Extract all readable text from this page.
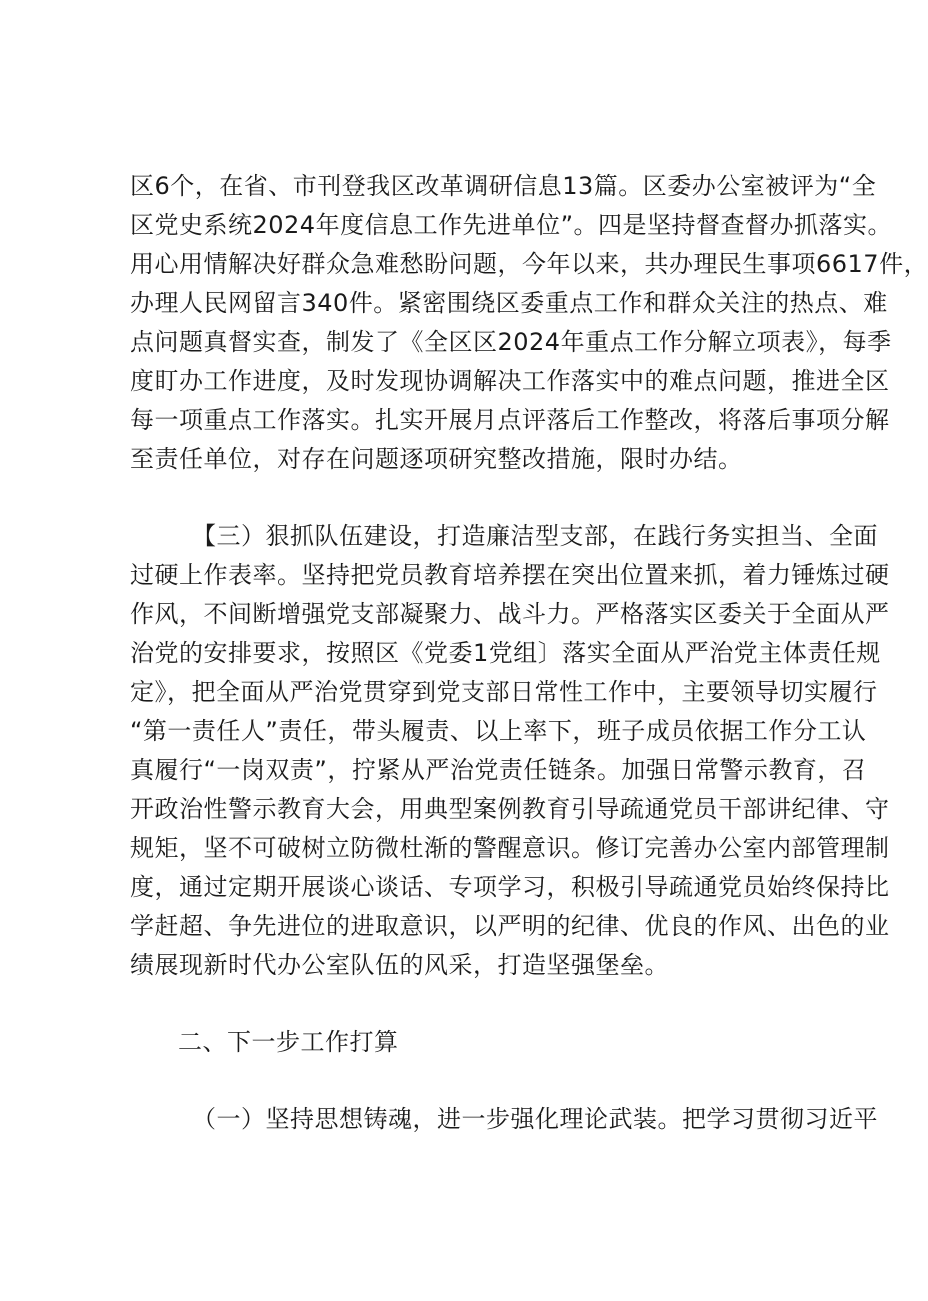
区6个，在省、市刊登我区改革调研信息13篇。区委办公室被评为“全
区党史系统2024年度信息工作先进单位”。四是坚持督查督办抓落实。
用心用情解决好群众急难愁盼问题，今年以来，共办理民生事项6617件，
办理人民网留言340件。紧密围绕区委重点工作和群众关注的热点、难
点问题真督实查，制发了《全区区2024年重点工作分解立项表》，每季
度盯办工作进度，及时发现协调解决工作落实中的难点问题，推进全区
每一项重点工作落实。扎实开展月点评落后工作整改，将落后事项分解
至责任单位，对存在问题逐项研究整改措施，限时办结。
【三）狠抓队伍建设，打造廉洁型支部，在践行务实担当、全面
过硬上作表率。坚持把党员教育培养摆在突出位置来抓，着力锤炼过硬
作风，不间断增强党支部凝聚力、战斗力。严格落实区委关于全面从严
治党的安排要求，按照区《党委1党组〕落实全面从严治党主体责任规
定》，把全面从严治党贯穿到党支部日常性工作中，主要领导切实履行
“第一责任人”责任，带头履责、以上率下，班子成员依据工作分工认
真履行“一岗双责”，拧紧从严治党责任链条。加强日常警示教育，召
开政治性警示教育大会，用典型案例教育引导疏通党员干部讲纪律、守
规矩，坚不可破树立防微杜渐的警醒意识。修订完善办公室内部管理制
度，通过定期开展谈心谈话、专项学习，积极引导疏通党员始终保持比
学赶超、争先进位的进取意识，以严明的纪律、优良的作风、出色的业
绩展现新时代办公室队伍的风采，打造坚强堡垒。
二、下一步工作打算
（一）坚持思想铸魂，进一步强化理论武装。把学习贯彻习近平
